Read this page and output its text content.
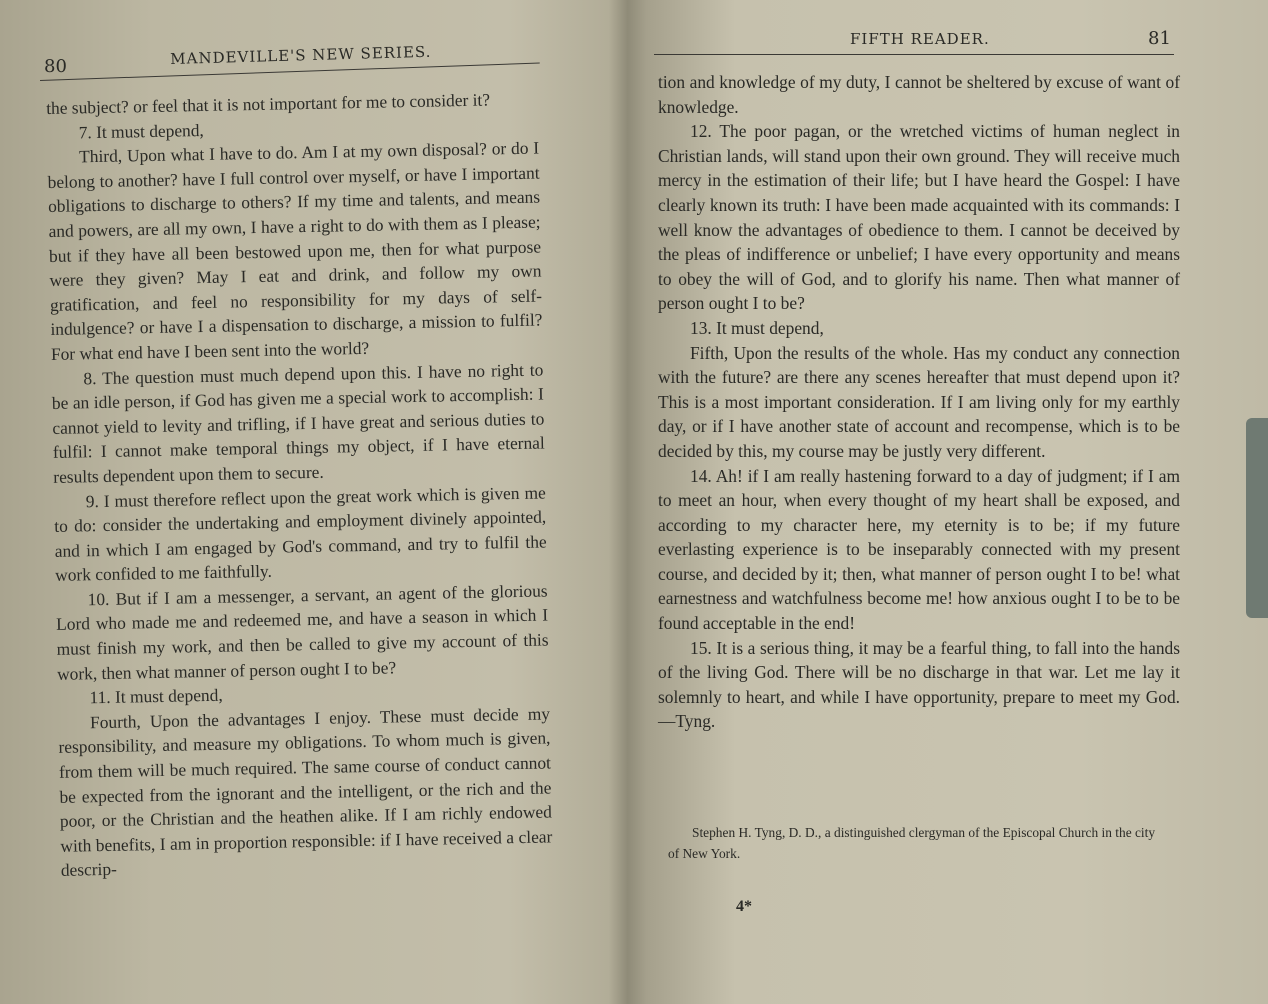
80	MANDEVILLE'S NEW SERIES.

the subject? or feel that it is not important for me to consider it?

7. It must depend,

Third, Upon what I have to do. Am I at my own disposal? or do I belong to another? have I full control over myself, or have I important obligations to discharge to others? If my time and talents, and means and powers, are all my own, I have a right to do with them as I please; but if they have all been bestowed upon me, then for what purpose were they given? May I eat and drink, and follow my own gratification, and feel no responsibility for my days of self-indulgence? or have I a dispensation to discharge, a mission to fulfil? For what end have I been sent into the world?

8. The question must much depend upon this. I have no right to be an idle person, if God has given me a special work to accomplish: I cannot yield to levity and trifling, if I have great and serious duties to fulfil: I cannot make temporal things my object, if I have eternal results dependent upon them to secure.

9. I must therefore reflect upon the great work which is given me to do: consider the undertaking and employment divinely appointed, and in which I am engaged by God's command, and try to fulfil the work confided to me faithfully.

10. But if I am a messenger, a servant, an agent of the glorious Lord who made me and redeemed me, and have a season in which I must finish my work, and then be called to give my account of this work, then what manner of person ought I to be?

11. It must depend,

Fourth, Upon the advantages I enjoy. These must decide my responsibility, and measure my obligations. To whom much is given, from them will be much required. The same course of conduct cannot be expected from the ignorant and the intelligent, or the rich and the poor, or the Christian and the heathen alike. If I am richly endowed with benefits, I am in proportion responsible: if I have received a clear descrip-

FIFTH READER.	81

tion and knowledge of my duty, I cannot be sheltered by excuse of want of knowledge.

12. The poor pagan, or the wretched victims of human neglect in Christian lands, will stand upon their own ground. They will receive much mercy in the estimation of their life; but I have heard the Gospel: I have clearly known its truth: I have been made acquainted with its commands: I well know the advantages of obedience to them. I cannot be deceived by the pleas of indifference or unbelief; I have every opportunity and means to obey the will of God, and to glorify his name. Then what manner of person ought I to be?

13. It must depend,

Fifth, Upon the results of the whole. Has my conduct any connection with the future? are there any scenes hereafter that must depend upon it? This is a most important consideration. If I am living only for my earthly day, or if I have another state of account and recompense, which is to be decided by this, my course may be justly very different.

14. Ah! if I am really hastening forward to a day of judgment; if I am to meet an hour, when every thought of my heart shall be exposed, and according to my character here, my eternity is to be; if my future everlasting experience is to be inseparably connected with my present course, and decided by it; then, what manner of person ought I to be! what earnestness and watchfulness become me! how anxious ought I to be to be found acceptable in the end!

15. It is a serious thing, it may be a fearful thing, to fall into the hands of the living God. There will be no discharge in that war. Let me lay it solemnly to heart, and while I have opportunity, prepare to meet my God.—Tyng.

Stephen H. Tyng, D. D., a distinguished clergyman of the Episcopal Church in the city of New York.
4*
